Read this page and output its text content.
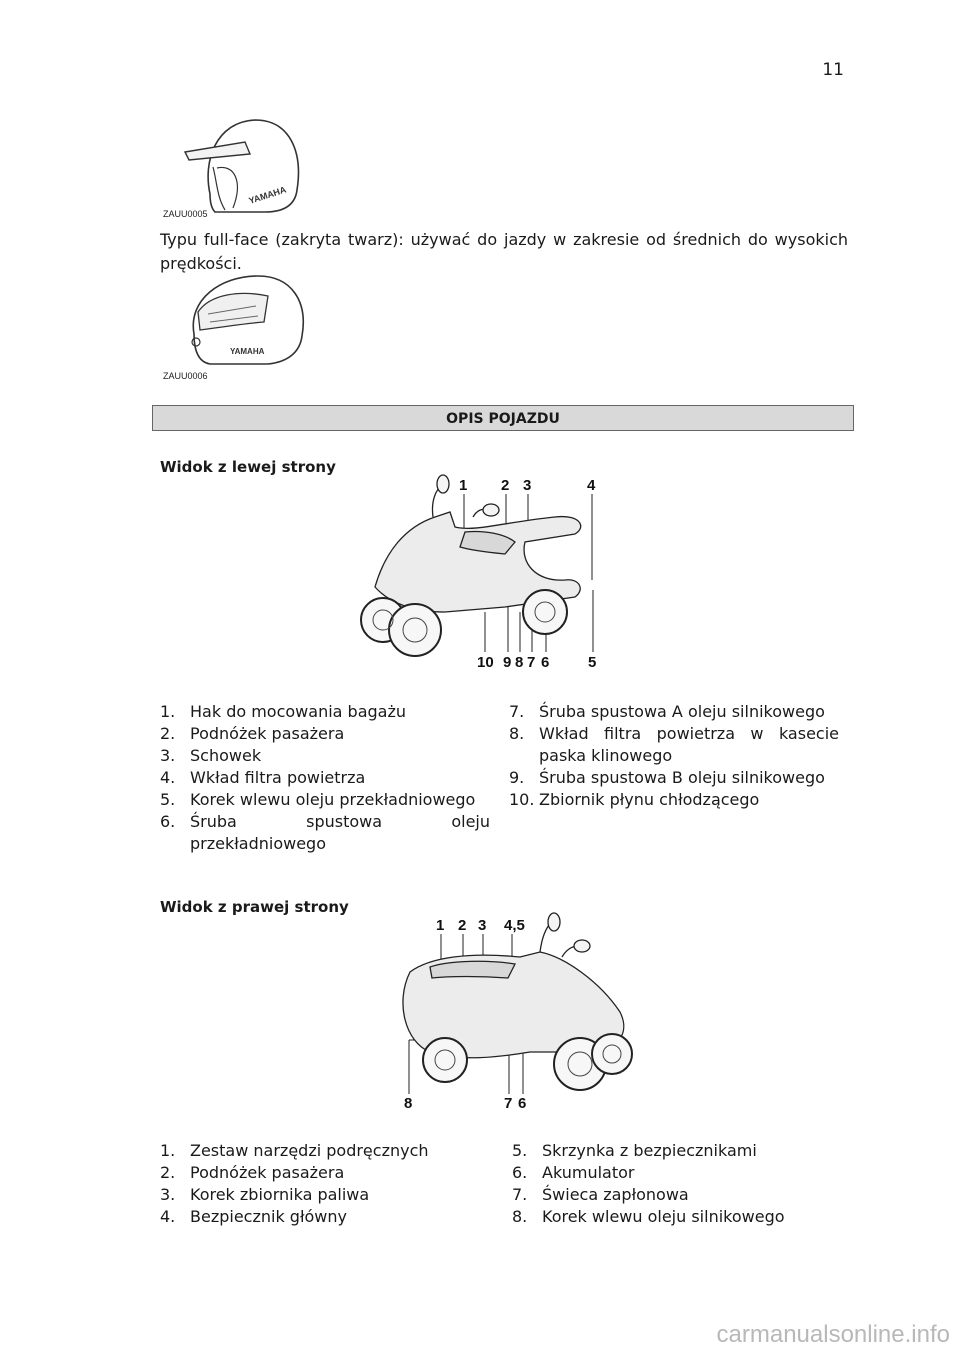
11
YAMAHA
ZAUU0005
Typu full-face (zakryta twarz): używać do jazdy w zakresie od średnich do wysokich prędkości.
YAMAHA
ZAUU0006
OPIS POJAZDU
Widok z lewej strony
1 2 3	4
10 9 8 7 6	5
1. Hak do mocowania bagażu
2. Podnóżek pasażera
3. Schowek
4. Wkład filtra powietrza
5. Korek wlewu oleju przekładniowego
6. Śruba spustowa oleju przekładniowego
7. Śruba spustowa A oleju silnikowego
8. Wkład filtra powietrza w kasecie paska klinowego
9. Śruba spustowa B oleju silnikowego
10. Zbiornik płynu chłodzącego
Widok z prawej strony
1 2 3 4,5
8	7 6
1. Zestaw narzędzi podręcznych
2. Podnóżek pasażera
3. Korek zbiornika paliwa
4. Bezpiecznik główny
5. Skrzynka z bezpiecznikami
6. Akumulator
7. Świeca zapłonowa
8. Korek wlewu oleju silnikowego
carmanualsonline.info
